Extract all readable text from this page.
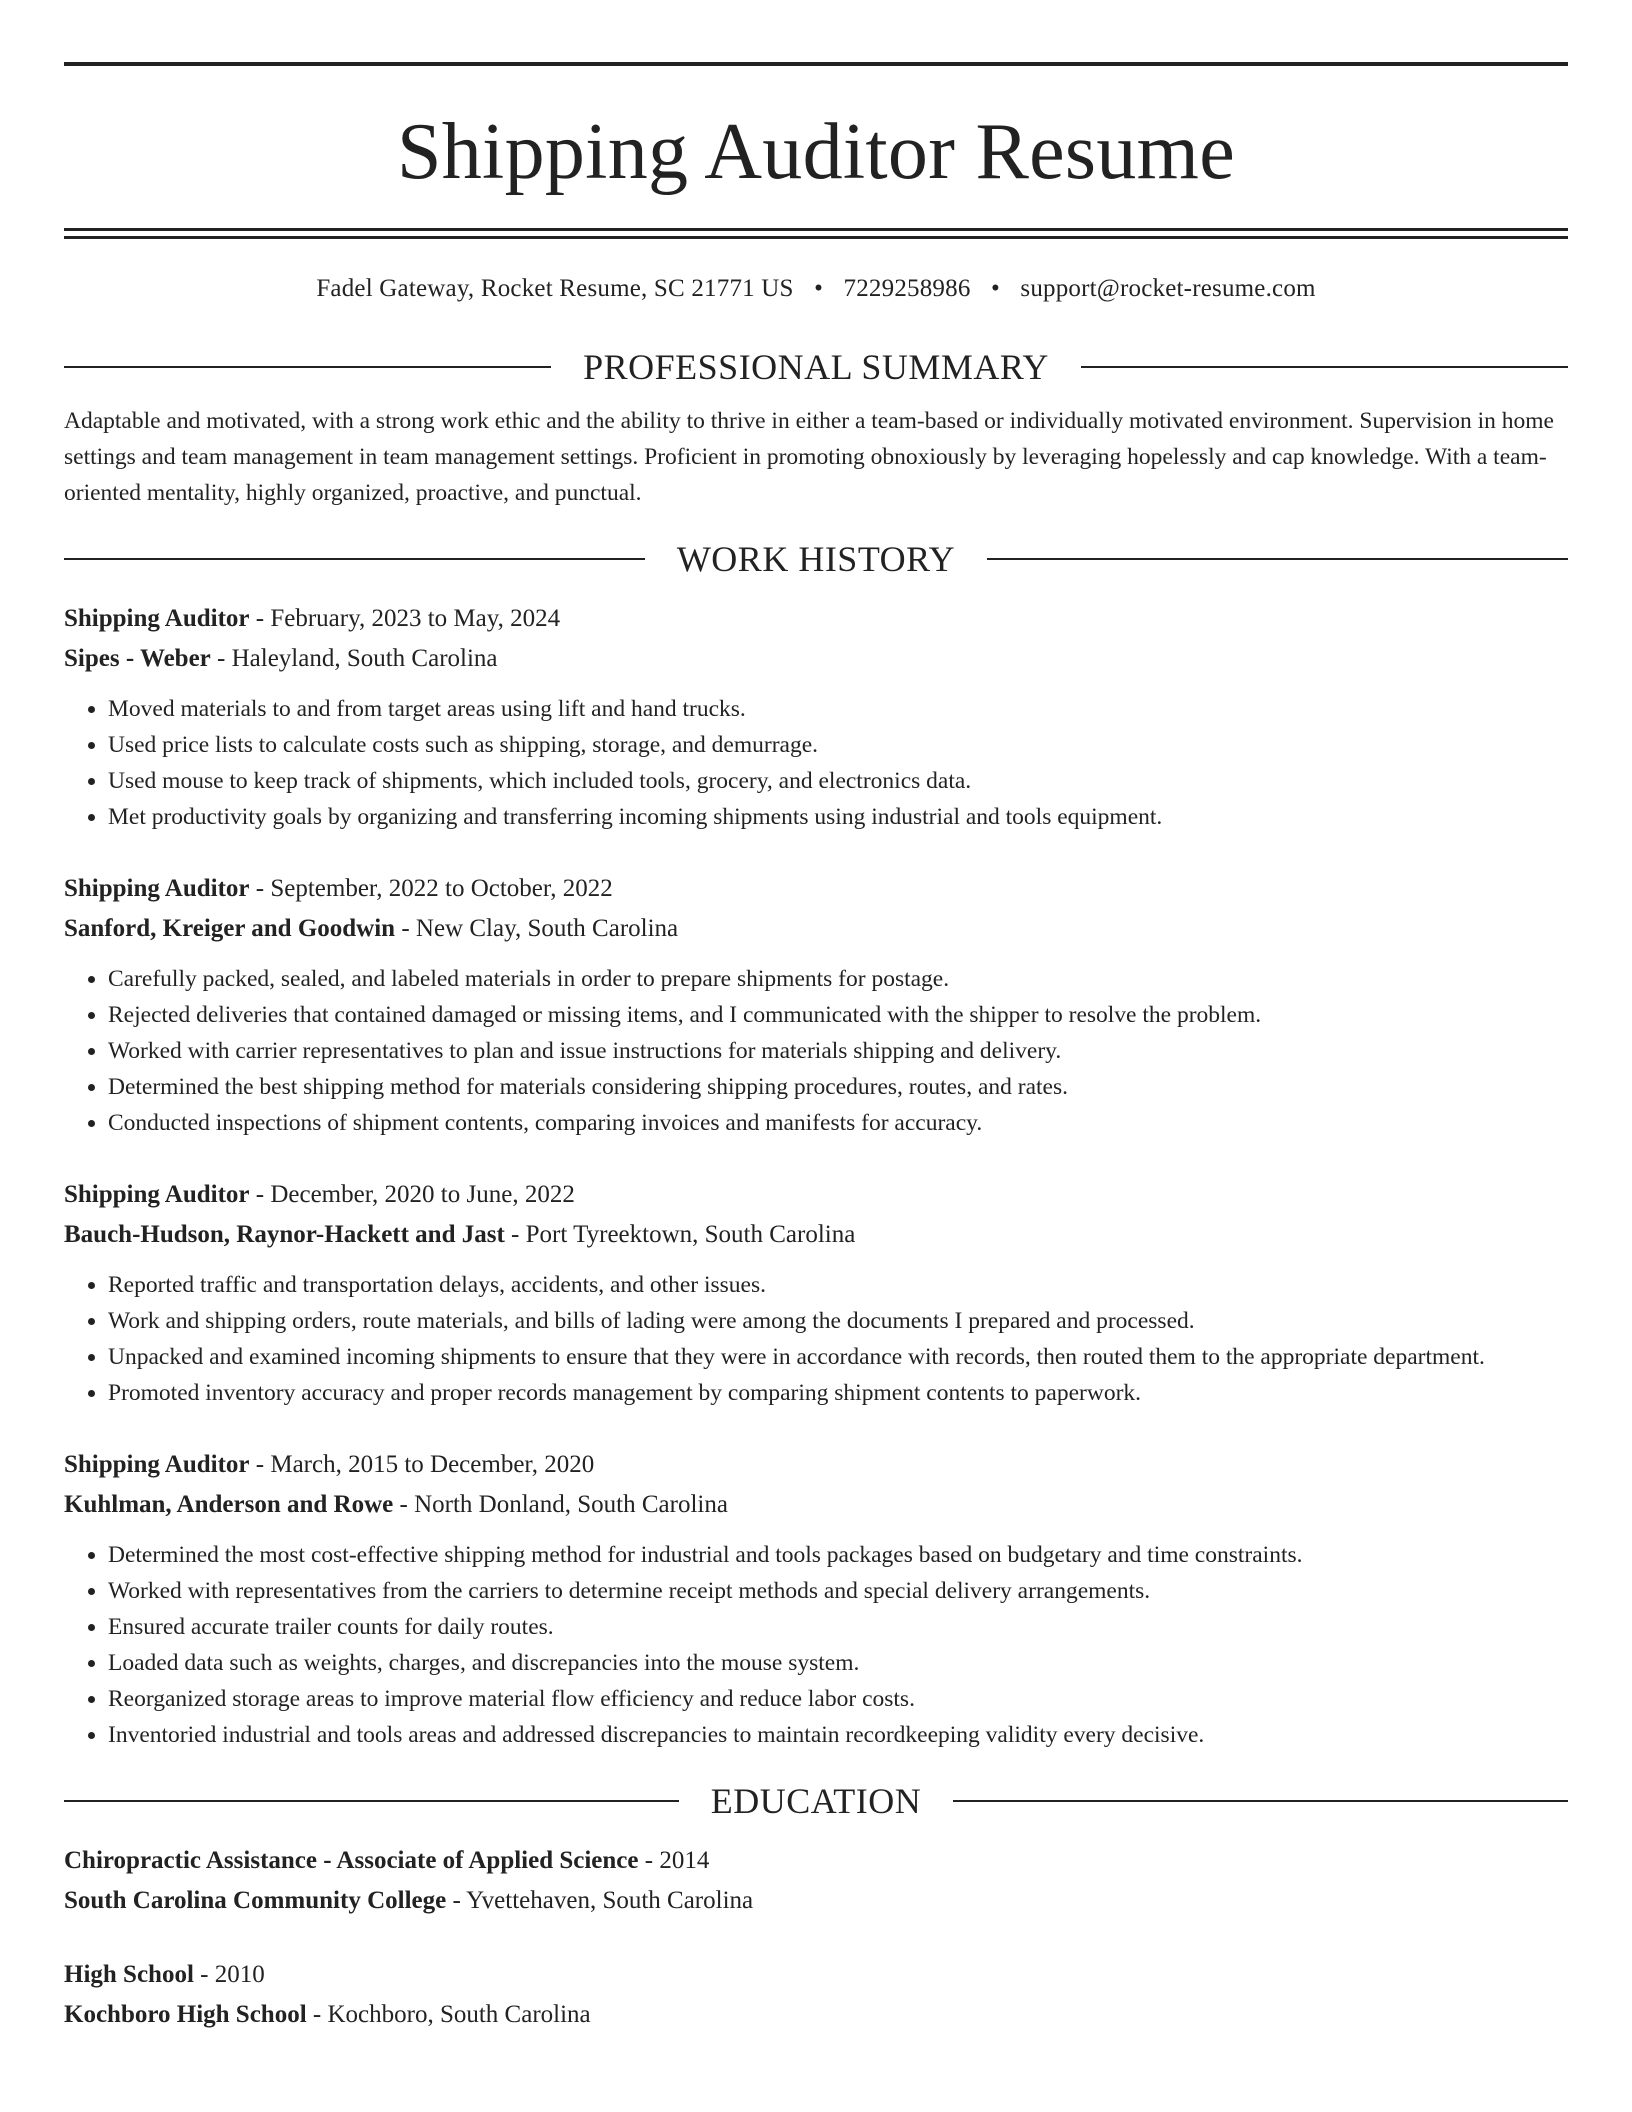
Shipping Auditor Resume
Fadel Gateway, Rocket Resume, SC 21771 US • 7229258986 • support@rocket-resume.com
PROFESSIONAL SUMMARY
Adaptable and motivated, with a strong work ethic and the ability to thrive in either a team-based or individually motivated environment. Supervision in home settings and team management in team management settings. Proficient in promoting obnoxiously by leveraging hopelessly and cap knowledge. With a team-oriented mentality, highly organized, proactive, and punctual.
WORK HISTORY
Shipping Auditor - February, 2023 to May, 2024
Sipes - Weber - Haleyland, South Carolina
• Moved materials to and from target areas using lift and hand trucks.
• Used price lists to calculate costs such as shipping, storage, and demurrage.
• Used mouse to keep track of shipments, which included tools, grocery, and electronics data.
• Met productivity goals by organizing and transferring incoming shipments using industrial and tools equipment.
Shipping Auditor - September, 2022 to October, 2022
Sanford, Kreiger and Goodwin - New Clay, South Carolina
• Carefully packed, sealed, and labeled materials in order to prepare shipments for postage.
• Rejected deliveries that contained damaged or missing items, and I communicated with the shipper to resolve the problem.
• Worked with carrier representatives to plan and issue instructions for materials shipping and delivery.
• Determined the best shipping method for materials considering shipping procedures, routes, and rates.
• Conducted inspections of shipment contents, comparing invoices and manifests for accuracy.
Shipping Auditor - December, 2020 to June, 2022
Bauch-Hudson, Raynor-Hackett and Jast - Port Tyreektown, South Carolina
• Reported traffic and transportation delays, accidents, and other issues.
• Work and shipping orders, route materials, and bills of lading were among the documents I prepared and processed.
• Unpacked and examined incoming shipments to ensure that they were in accordance with records, then routed them to the appropriate department.
• Promoted inventory accuracy and proper records management by comparing shipment contents to paperwork.
Shipping Auditor - March, 2015 to December, 2020
Kuhlman, Anderson and Rowe - North Donland, South Carolina
• Determined the most cost-effective shipping method for industrial and tools packages based on budgetary and time constraints.
• Worked with representatives from the carriers to determine receipt methods and special delivery arrangements.
• Ensured accurate trailer counts for daily routes.
• Loaded data such as weights, charges, and discrepancies into the mouse system.
• Reorganized storage areas to improve material flow efficiency and reduce labor costs.
• Inventoried industrial and tools areas and addressed discrepancies to maintain recordkeeping validity every decisive.
EDUCATION
Chiropractic Assistance - Associate of Applied Science - 2014
South Carolina Community College - Yvettehaven, South Carolina
High School - 2010
Kochboro High School - Kochboro, South Carolina
